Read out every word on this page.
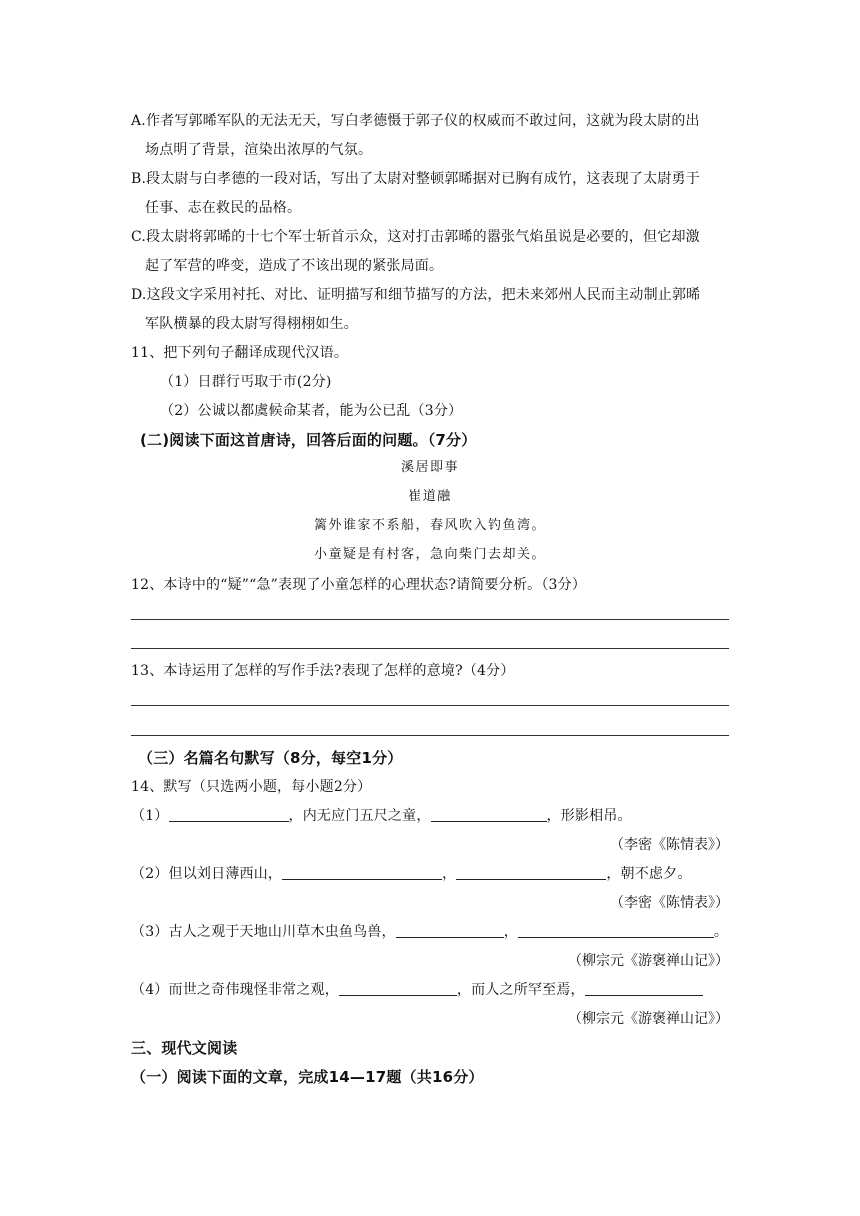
A.作者写郭晞军队的无法无天，写白孝德慑于郭子仪的权威而不敢过问，这就为段太尉的出
场点明了背景，渲染出浓厚的气氛。
B.段太尉与白孝德的一段对话，写出了太尉对整顿郭晞据对已胸有成竹，这表现了太尉勇于
任事、志在救民的品格。
C.段太尉将郭晞的十七个军士斩首示众，这对打击郭晞的嚣张气焰虽说是必要的，但它却激
起了军营的哗变，造成了不该出现的紧张局面。
D.这段文字采用衬托、对比、证明描写和细节描写的方法，把未来郊州人民而主动制止郭晞
军队横暴的段太尉写得栩栩如生。
11、把下列句子翻译成现代汉语。
（1）日群行丐取于市(2分)
（2）公诚以都虞候命某者，能为公已乱（3分）
(二)阅读下面这首唐诗，回答后面的问题。（7分）
溪居即事
崔道融
篱外谁家不系船，春风吹入钓鱼湾。
小童疑是有村客，急向柴门去却关。
12、本诗中的“疑”“急”表现了小童怎样的心理状态?请简要分析。（3分）
13、本诗运用了怎样的写作手法?表现了怎样的意境?（4分）
（三）名篇名句默写（8分，每空1分）
14、默写（只选两小题，每小题2分）
（1）	，内无应门五尺之童，	，形影相吊。
（李密《陈情表》）
（2）但以刘日薄西山，	，	，朝不虑夕。
（李密《陈情表》）
（3）古人之观于天地山川草木虫鱼鸟兽，	，	。
（柳宗元《游褒禅山记》）
（4）而世之奇伟瑰怪非常之观，	，而人之所罕至焉，
（柳宗元《游褒禅山记》）
三、现代文阅读
（一）阅读下面的文章，完成14—17题（共16分）
